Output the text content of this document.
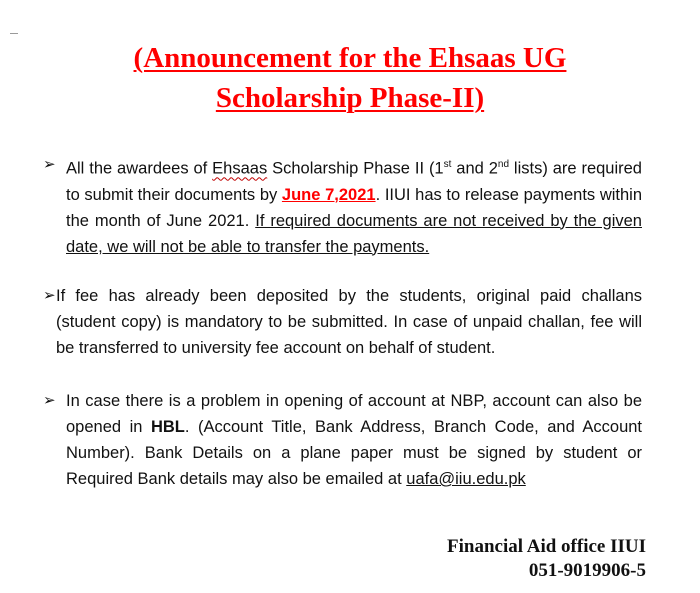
(Announcement for the Ehsaas UG
Scholarship Phase-II)
➢ All the awardees of Ehsaas Scholarship Phase II (1st and 2nd lists) are required to submit their documents by June 7,2021. IIUI has to release payments within the month of June 2021. If required documents are not received by the given date, we will not be able to transfer the payments.

➢ If fee has already been deposited by the students, original paid challans (student copy) is mandatory to be submitted. In case of unpaid challan, fee will be transferred to university fee account on behalf of student.

➢ In case there is a problem in opening of account at NBP, account can also be opened in HBL. (Account Title, Bank Address, Branch Code, and Account Number). Bank Details on a plane paper must be signed by student or Required Bank details may also be emailed at uafa@iiu.edu.pk

Financial Aid office IIUI

051-9019906-5
